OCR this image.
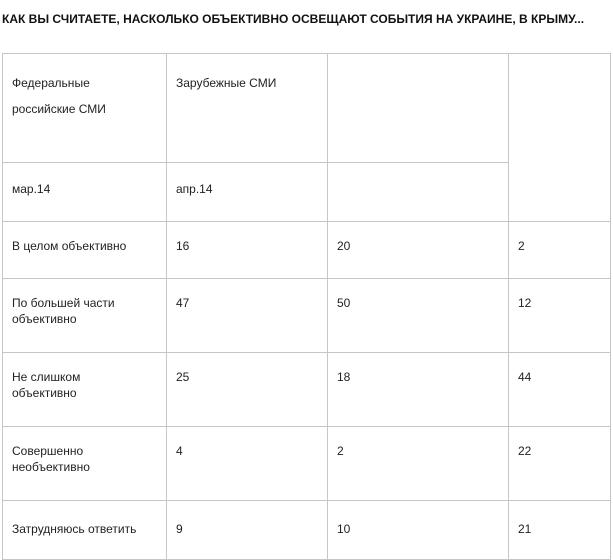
КАК ВЫ СЧИТАЕТЕ, НАСКОЛЬКО ОБЪЕКТИВНО ОСВЕЩАЮТ СОБЫТИЯ НА УКРАИНЕ, В КРЫМУ...
Федеральные российские СМИ	Зарубежные СМИ		

мар.14	апр.14		

В целом объективно	16	20	2

По большей части объективно	47	50	12

Не слишком объективно	25	18	44

Совершенно необъективно	4	2	22

Затрудняюсь ответить	9	10	21
